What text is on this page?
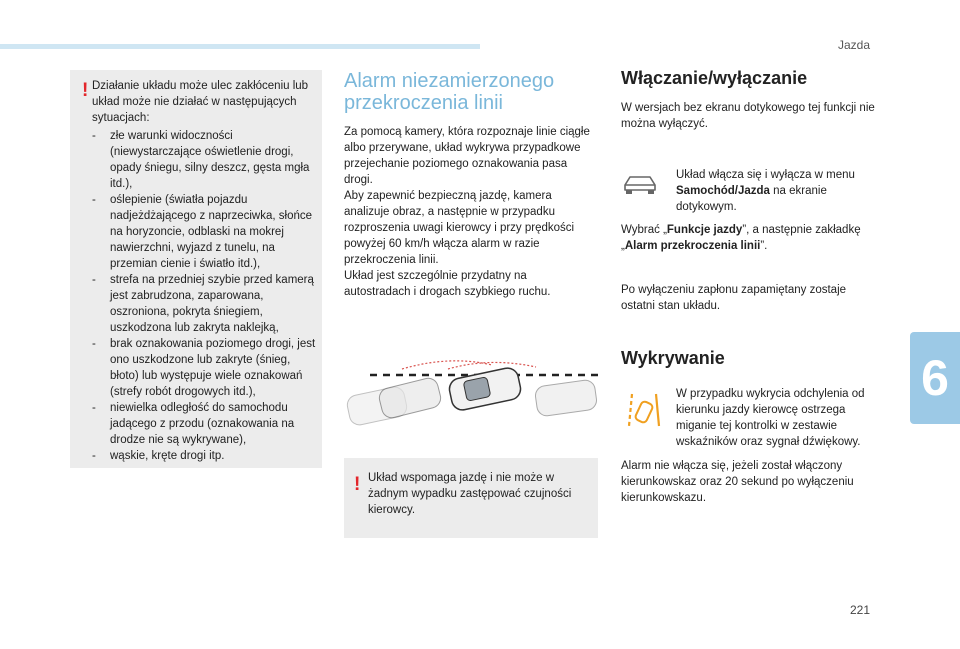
Jazda
6
221
! Działanie układu może ulec zakłóceniu lub układ może nie działać w następujących sytuacjach:

- złe warunki widoczności (niewystarczające oświetlenie drogi, opady śniegu, silny deszcz, gęsta mgła itd.),
- oślepienie (światła pojazdu nadjeżdżającego z naprzeciwka, słońce na horyzoncie, odblaski na mokrej nawierzchni, wyjazd z tunelu, na przemian cienie i światło itd.),
- strefa na przedniej szybie przed kamerą jest zabrudzona, zaparowana, oszroniona, pokryta śniegiem, uszkodzona lub zakryta naklejką,
- brak oznakowania poziomego drogi, jest ono uszkodzone lub zakryte (śnieg, błoto) lub występuje wiele oznakowań (strefy robót drogowych itd.),
- niewielka odległość do samochodu jadącego z przodu (oznakowania na drodze nie są wykrywane),
- wąskie, kręte drogi itp.
Alarm niezamierzonego
przekroczenia linii

Za pomocą kamery, która rozpoznaje linie ciągłe albo przerywane, układ wykrywa przypadkowe przejechanie poziomego oznakowania pasa drogi.

Aby zapewnić bezpieczną jazdę, kamera analizuje obraz, a następnie w przypadku rozproszenia uwagi kierowcy i przy prędkości powyżej 60 km/h włącza alarm w razie przekroczenia linii.

Układ jest szczególnie przydatny na autostradach i drogach szybkiego ruchu.

! Układ wspomaga jazdę i nie może w żadnym wypadku zastępować czujności kierowcy.

Włączanie/wyłączanie
W wersjach bez ekranu dotykowego tej funkcji nie można wyłączyć.
Układ włącza się i wyłącza w menu Samochód/Jazda na ekranie dotykowym.
Wybrać „Funkcje jazdy”, a następnie zakładkę „Alarm przekroczenia linii”.
Po wyłączeniu zapłonu zapamiętany zostaje ostatni stan układu.
Wykrywanie
W przypadku wykrycia odchylenia od kierunku jazdy kierowcę ostrzega miganie tej kontrolki w zestawie wskaźników oraz sygnał dźwiękowy.
Alarm nie włącza się, jeżeli został włączony kierunkowskaz oraz 20 sekund po wyłączeniu kierunkowskazu.
